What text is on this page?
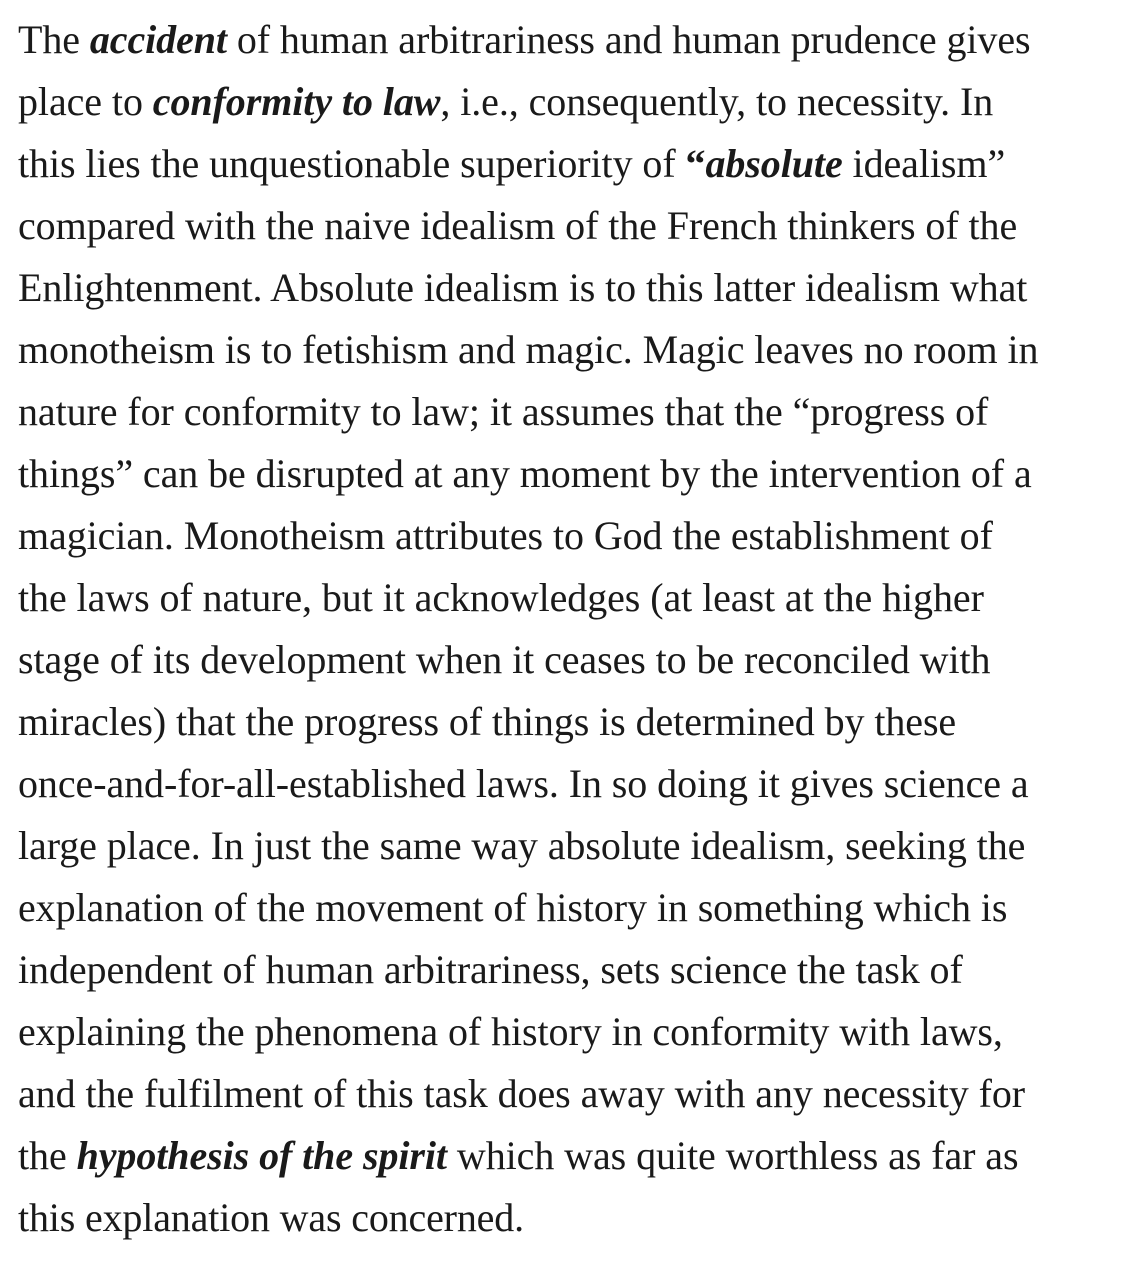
The accident of human arbitrariness and human prudence gives
place to conformity to law, i.e., consequently, to necessity. In
this lies the unquestionable superiority of “absolute idealism”
compared with the naive idealism of the French thinkers of the
Enlightenment. Absolute idealism is to this latter idealism what
monotheism is to fetishism and magic. Magic leaves no room in
nature for conformity to law; it assumes that the “progress of
things” can be disrupted at any moment by the intervention of a
magician. Monotheism attributes to God the establishment of
the laws of nature, but it acknowledges (at least at the higher
stage of its development when it ceases to be reconciled with
miracles) that the progress of things is determined by these
once-and-for-all-established laws. In so doing it gives science a
large place. In just the same way absolute idealism, seeking the
explanation of the movement of history in something which is
independent of human arbitrariness, sets science the task of
explaining the phenomena of history in conformity with laws,
and the fulfilment of this task does away with any necessity for
the hypothesis of the spirit which was quite worthless as far as
this explanation was concerned.
